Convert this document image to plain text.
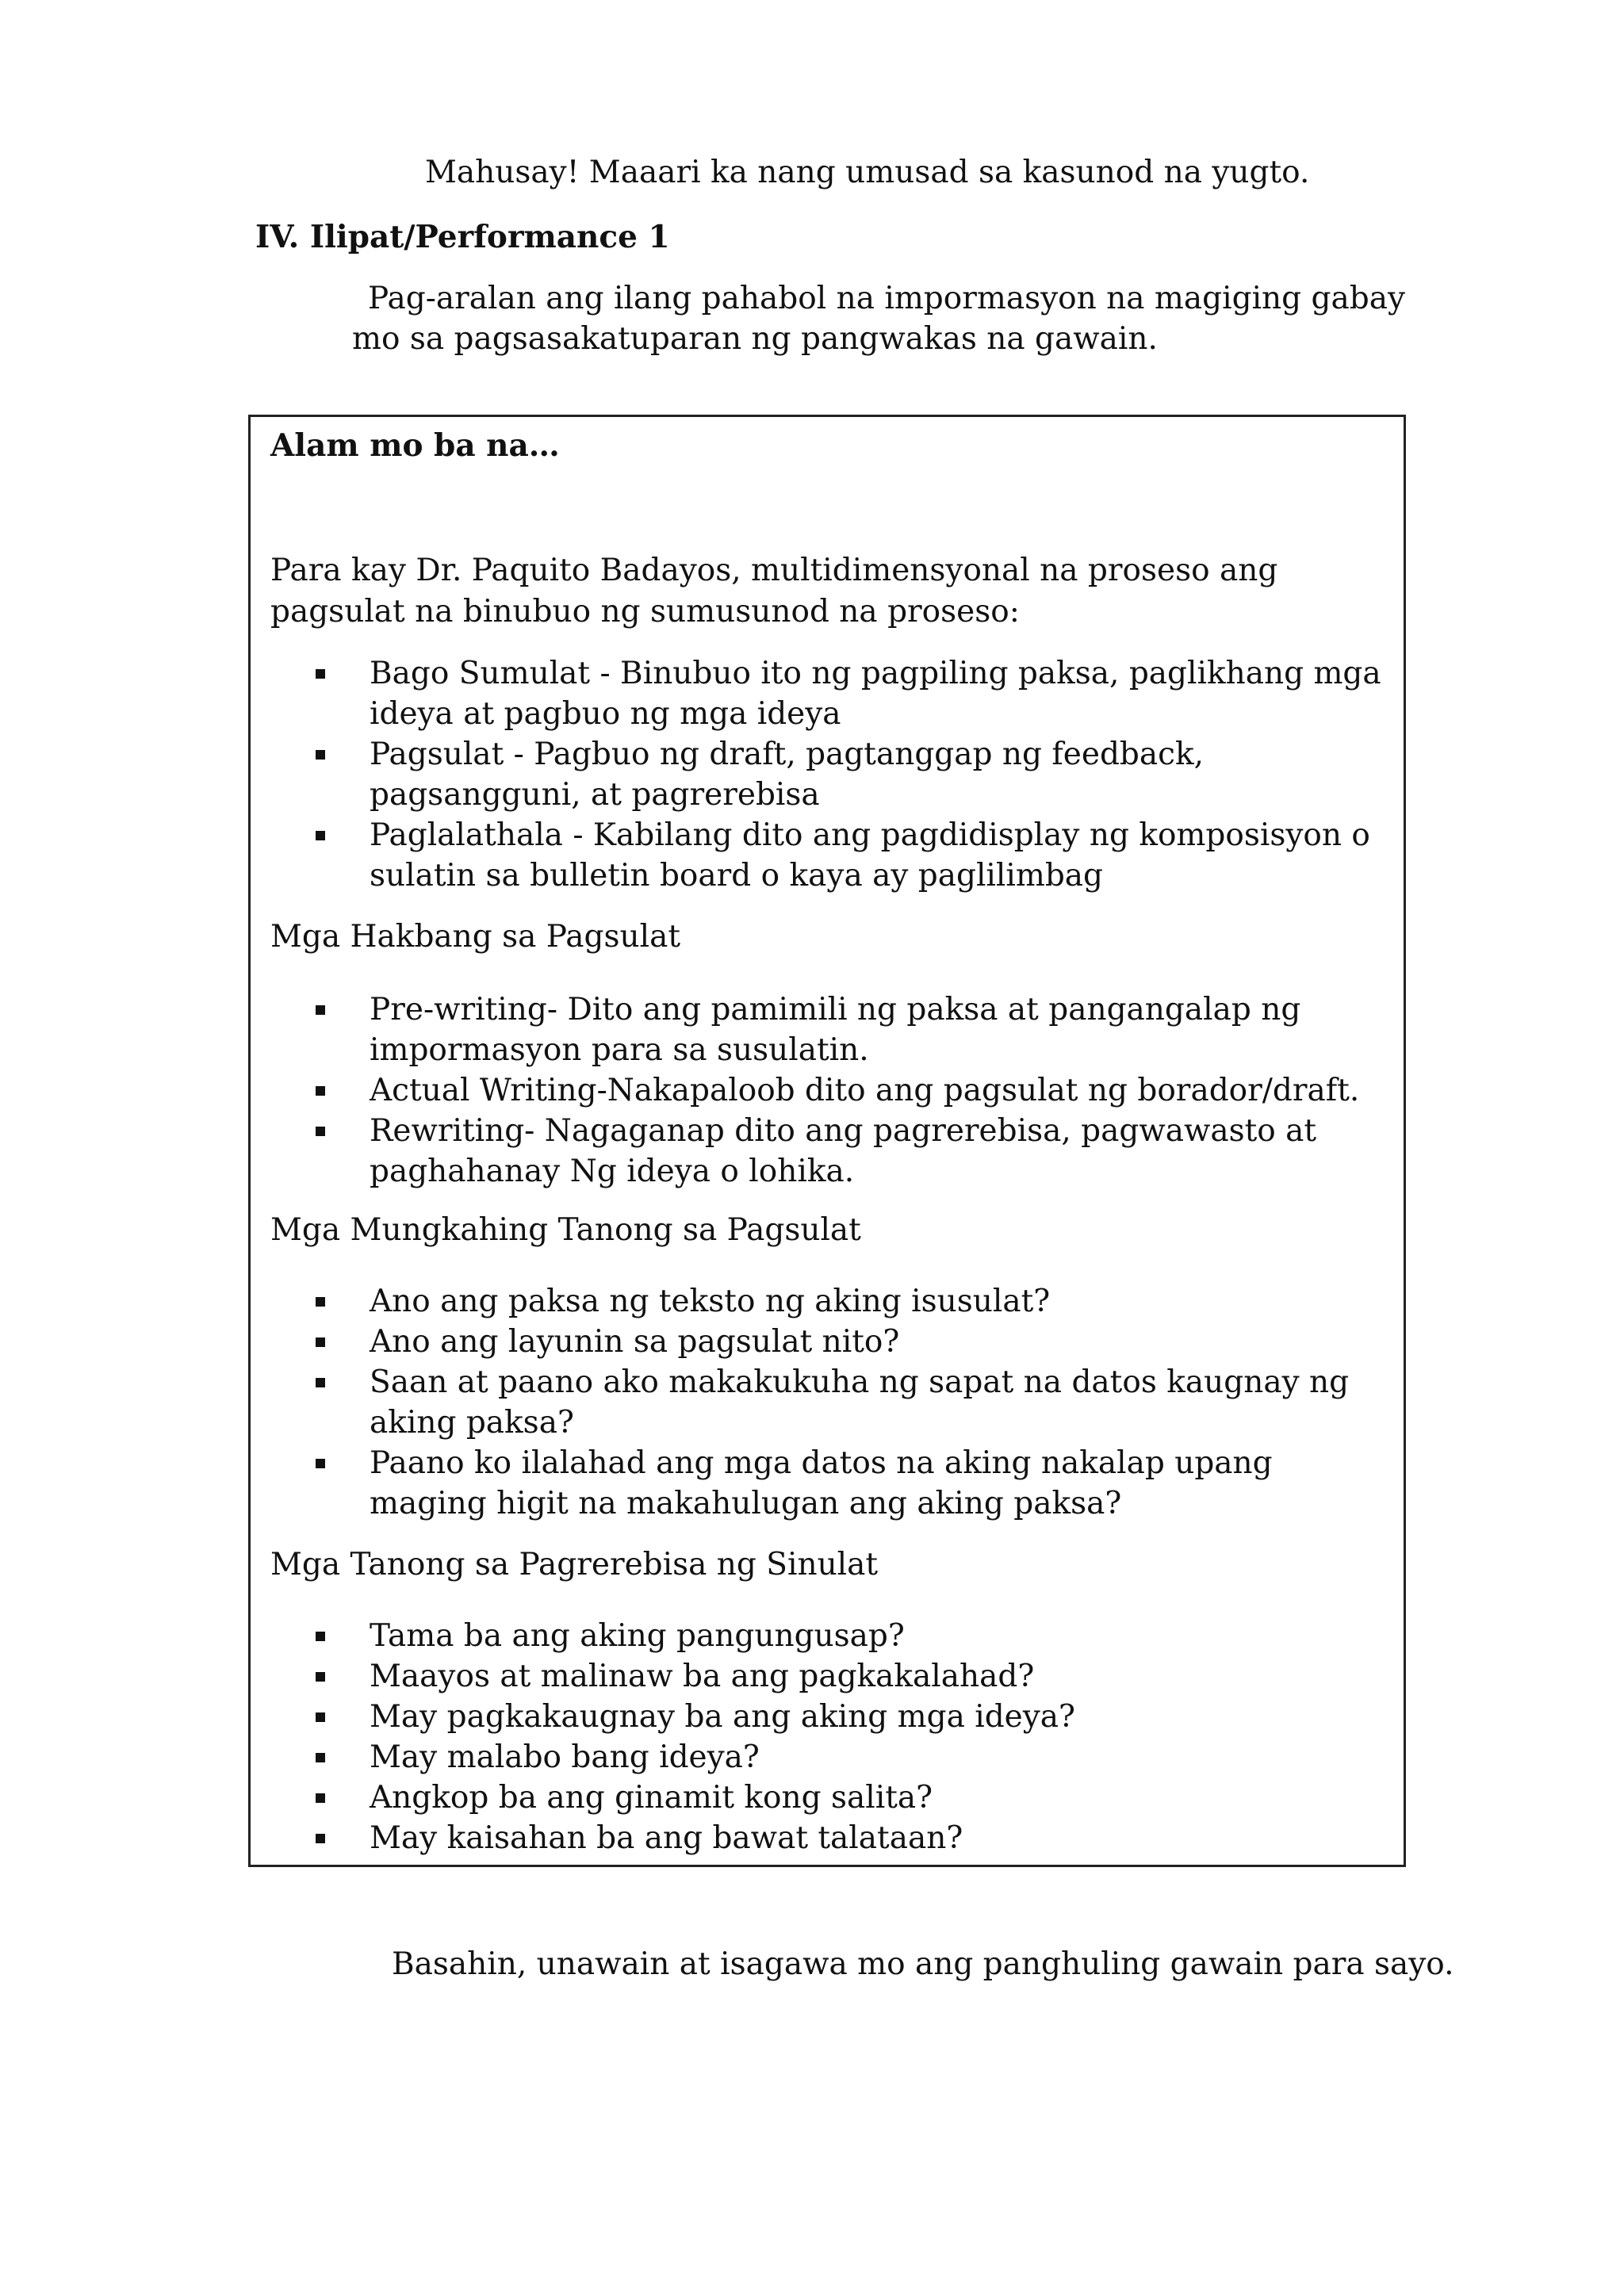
Mahusay! Maaari ka nang umusad sa kasunod na yugto.

IV. Ilipat/Performance 1

Pag-aralan ang ilang pahabol na impormasyon na magiging gabay mo sa pagsasakatuparan ng pangwakas na gawain.

Alam mo ba na…
Para kay Dr. Paquito Badayos, multidimensyonal na proseso ang pagsulat na binubuo ng sumusunod na proseso:
Bago Sumulat - Binubuo ito ng pagpiling paksa, paglikhang mga ideya at pagbuo ng mga ideya
Pagsulat - Pagbuo ng draft, pagtanggap ng feedback, pagsangguni, at pagrerebisa
Paglalathala - Kabilang dito ang pagdidisplay ng komposisyon o sulatin sa bulletin board o kaya ay paglilimbag
Mga Hakbang sa Pagsulat
Pre-writing- Dito ang pamimili ng paksa at pangangalap ng impormasyon para sa susulatin.
Actual Writing-Nakapaloob dito ang pagsulat ng borador/draft.
Rewriting- Nagaganap dito ang pagrerebisa, pagwawasto at paghahanay Ng ideya o lohika.
Mga Mungkahing Tanong sa Pagsulat
Ano ang paksa ng teksto ng aking isusulat?
Ano ang layunin sa pagsulat nito?
Saan at paano ako makakukuha ng sapat na datos kaugnay ng aking paksa?
Paano ko ilalahad ang mga datos na aking nakalap upang maging higit na makahulugan ang aking paksa?
Mga Tanong sa Pagrerebisa ng Sinulat
Tama ba ang aking pangungusap?
Maayos at malinaw ba ang pagkakalahad?
May pagkakaugnay ba ang aking mga ideya?
May malabo bang ideya?
Angkop ba ang ginamit kong salita?
May kaisahan ba ang bawat talataan?

Basahin, unawain at isagawa mo ang panghuling gawain para sayo.
